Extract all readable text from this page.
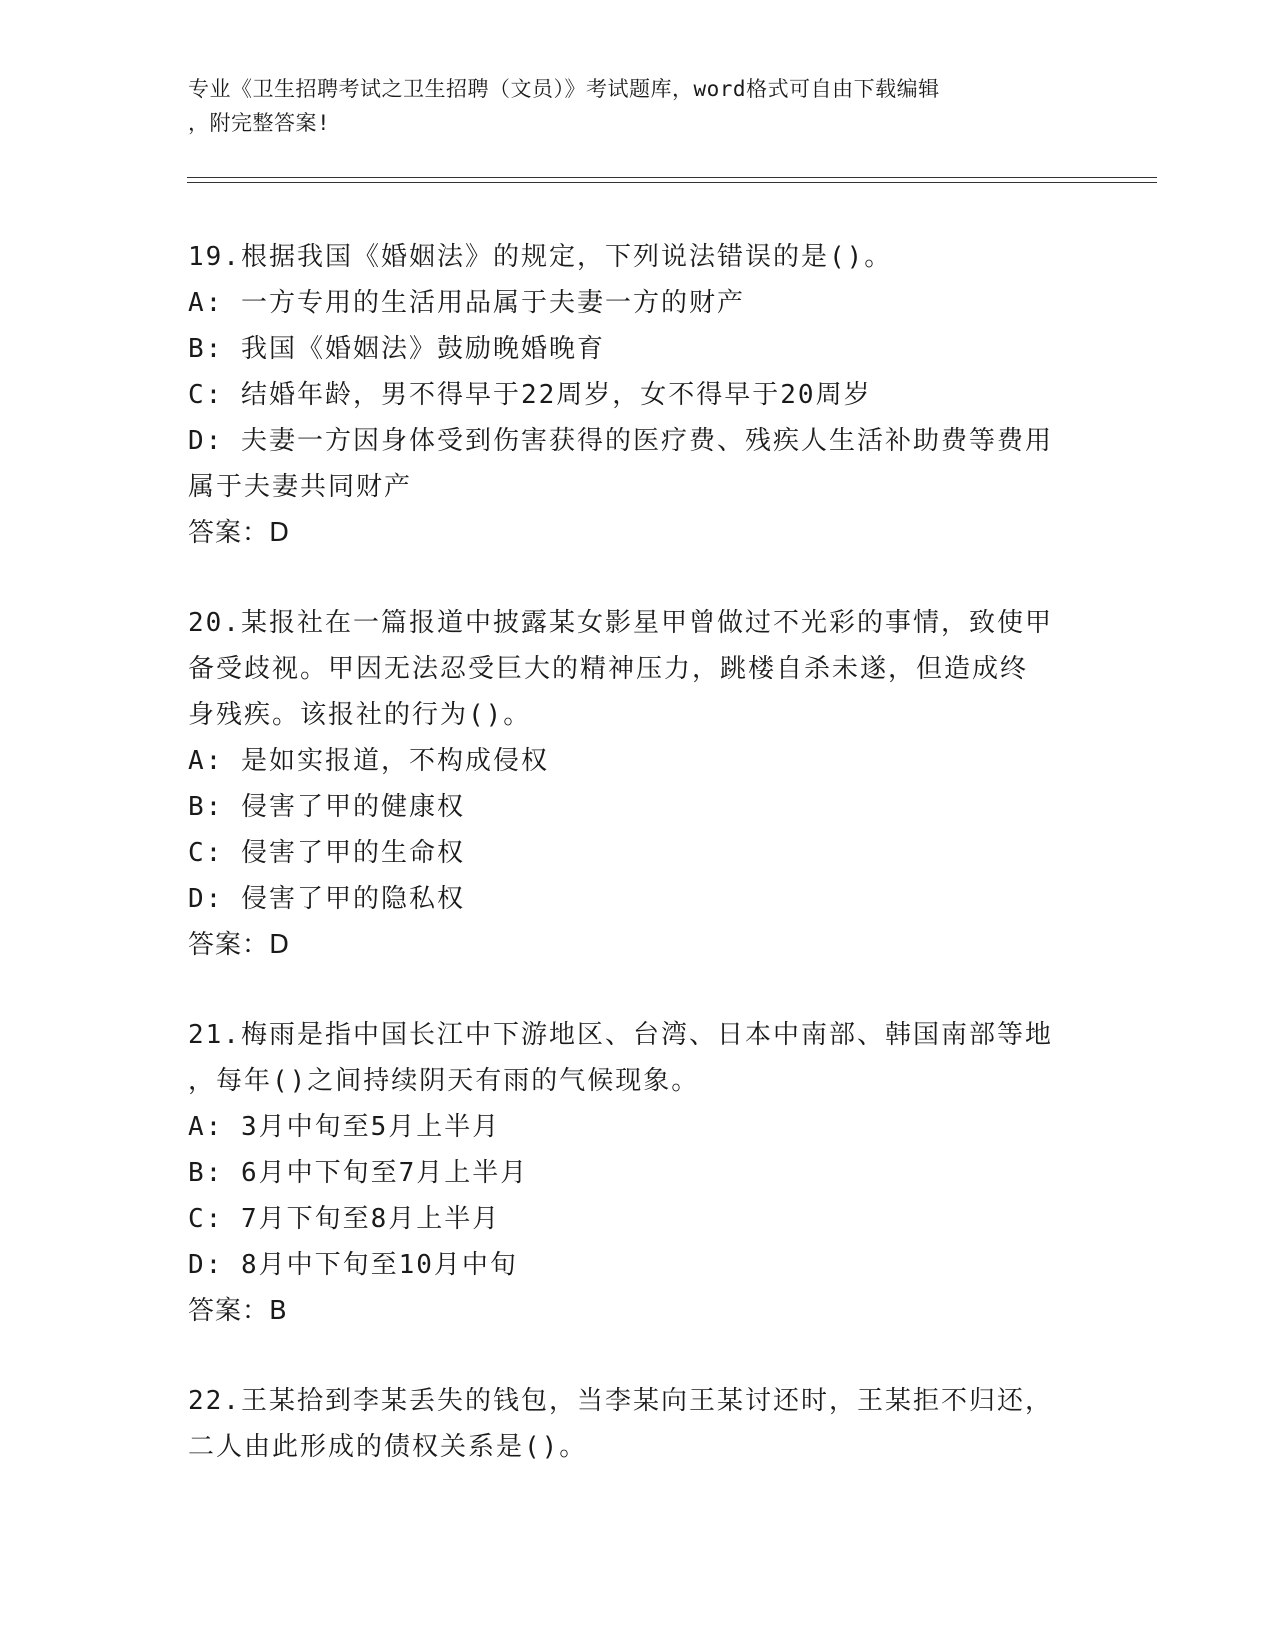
专业《卫生招聘考试之卫生招聘（文员）》考试题库，word格式可自由下载编辑
，附完整答案!
19.根据我国《婚姻法》的规定，下列说法错误的是()。
A: 一方专用的生活用品属于夫妻一方的财产
B: 我国《婚姻法》鼓励晚婚晚育
C: 结婚年龄，男不得早于22周岁，女不得早于20周岁
D: 夫妻一方因身体受到伤害获得的医疗费、残疾人生活补助费等费用
属于夫妻共同财产
答案：D
20.某报社在一篇报道中披露某女影星甲曾做过不光彩的事情，致使甲
备受歧视。甲因无法忍受巨大的精神压力，跳楼自杀未遂，但造成终
身残疾。该报社的行为()。
A: 是如实报道，不构成侵权
B: 侵害了甲的健康权
C: 侵害了甲的生命权
D: 侵害了甲的隐私权
答案：D
21.梅雨是指中国长江中下游地区、台湾、日本中南部、韩国南部等地
，每年()之间持续阴天有雨的气候现象。
A: 3月中旬至5月上半月
B: 6月中下旬至7月上半月
C: 7月下旬至8月上半月
D: 8月中下旬至10月中旬
答案：B
22.王某拾到李某丢失的钱包，当李某向王某讨还时，王某拒不归还，
二人由此形成的债权关系是()。
